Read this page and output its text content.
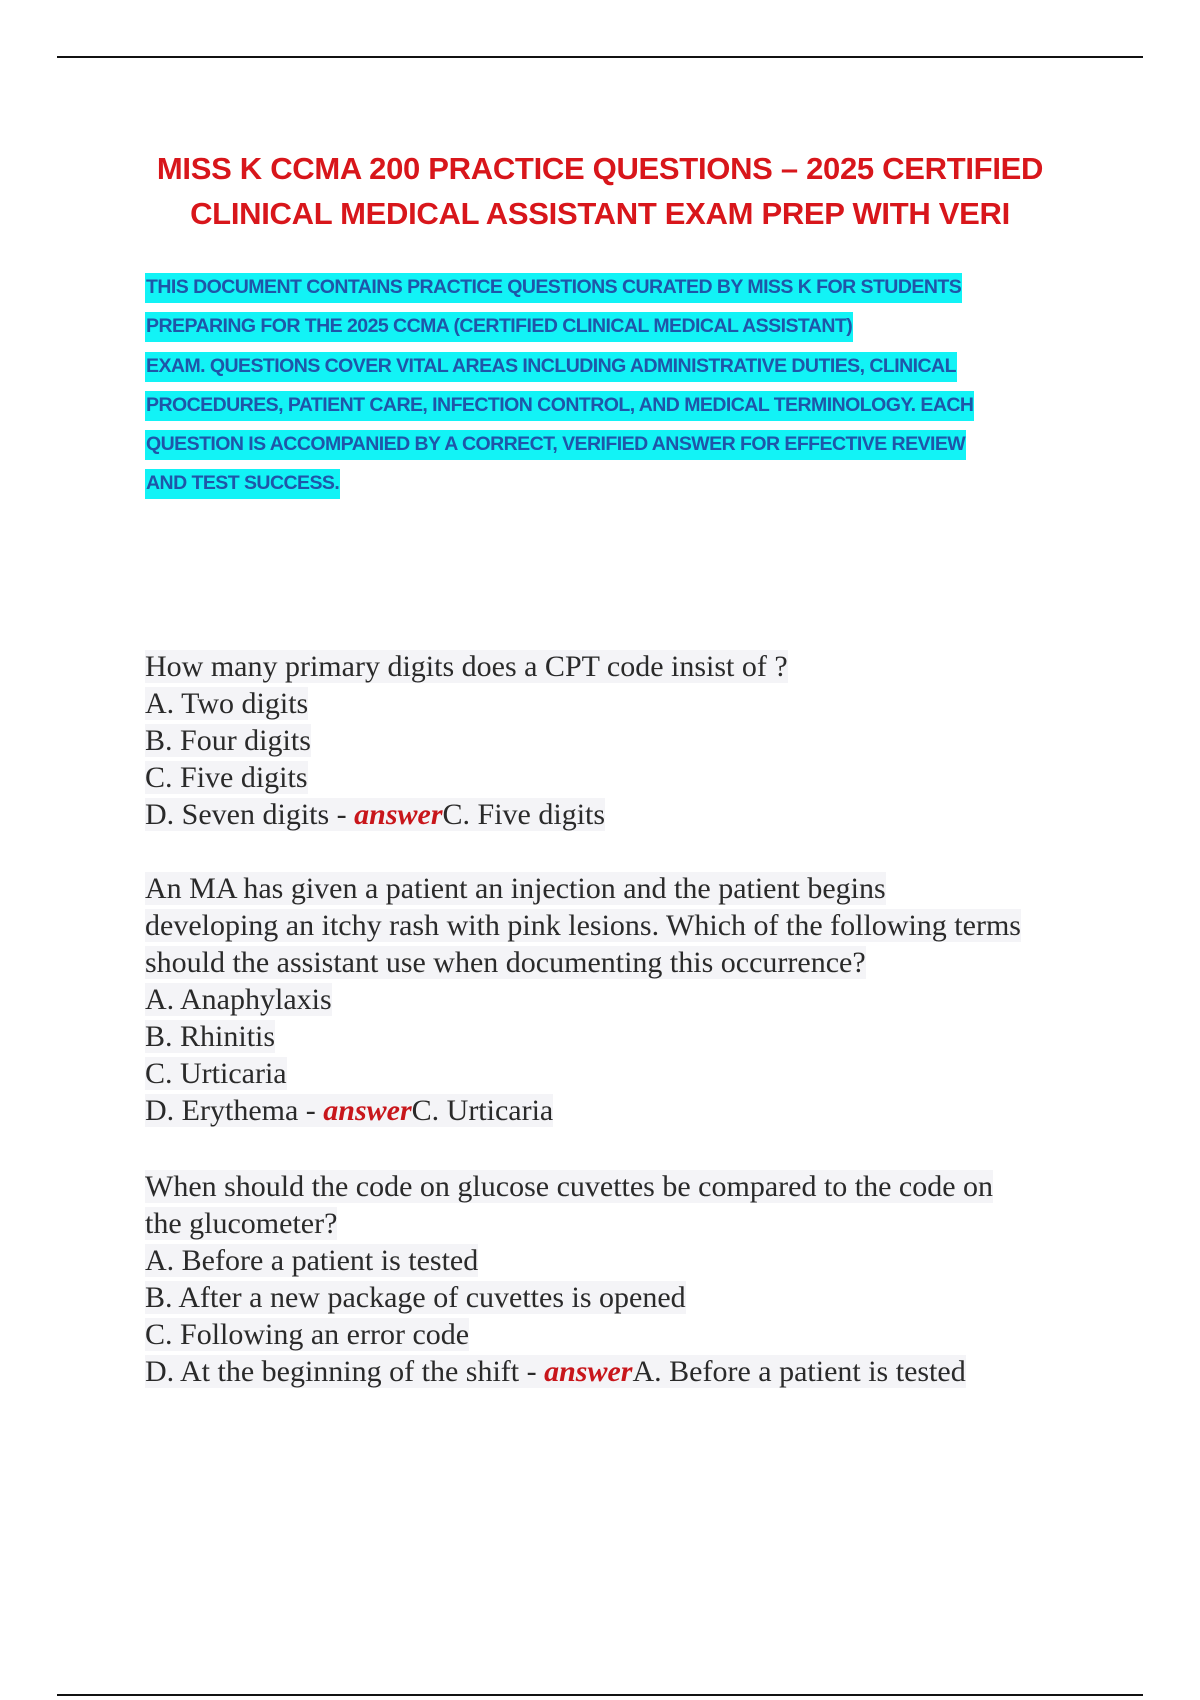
MISS K CCMA 200 PRACTICE QUESTIONS – 2025 CERTIFIED
CLINICAL MEDICAL ASSISTANT EXAM PREP WITH VERI
THIS DOCUMENT CONTAINS PRACTICE QUESTIONS CURATED BY MISS K FOR STUDENTS
PREPARING FOR THE 2025 CCMA (CERTIFIED CLINICAL MEDICAL ASSISTANT)
EXAM. QUESTIONS COVER VITAL AREAS INCLUDING ADMINISTRATIVE DUTIES, CLINICAL
PROCEDURES, PATIENT CARE, INFECTION CONTROL, AND MEDICAL TERMINOLOGY. EACH
QUESTION IS ACCOMPANIED BY A CORRECT, VERIFIED ANSWER FOR EFFECTIVE REVIEW
AND TEST SUCCESS.
How many primary digits does a CPT code insist of ?
A. Two digits
B. Four digits
C. Five digits
D. Seven digits - answerC. Five digits
An MA has given a patient an injection and the patient begins
developing an itchy rash with pink lesions. Which of the following terms
should the assistant use when documenting this occurrence?
A. Anaphylaxis
B. Rhinitis
C. Urticaria
D. Erythema - answerC. Urticaria
When should the code on glucose cuvettes be compared to the code on
the glucometer?
A. Before a patient is tested
B. After a new package of cuvettes is opened
C. Following an error code
D. At the beginning of the shift - answerA. Before a patient is tested
